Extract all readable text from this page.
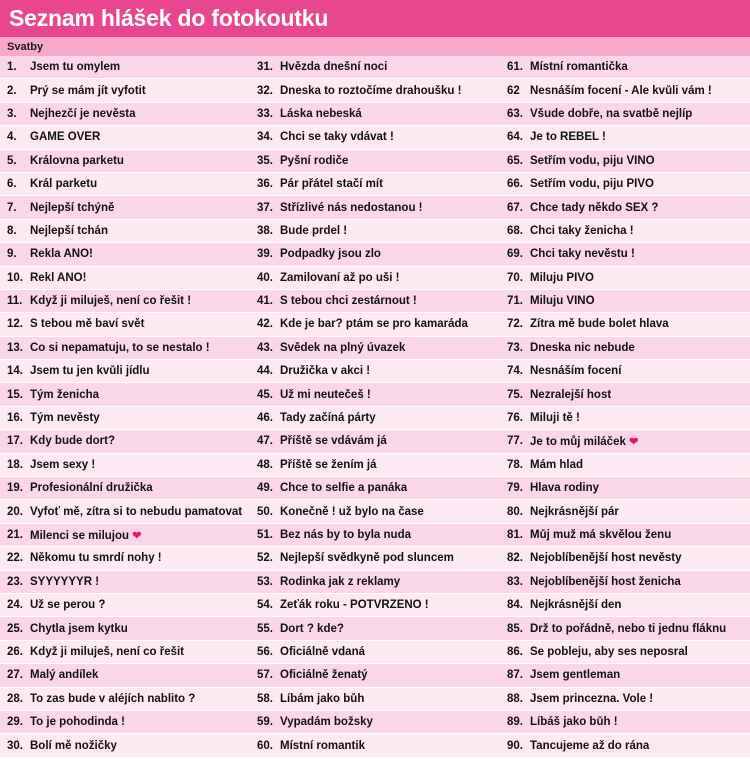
Seznam hlášek do fotokoutku
Svatby
1.	Jsem tu omylem
2.	Prý se mám jít vyfotit
3.	Nejhezčí je nevěsta
4.	GAME OVER
5.	Královna parketu
6.	Král parketu
7.	Nejlepší tchýně
8.	Nejlepší tchán
9.	Řekla ANO!
10. Řekl ANO!
11. Když ji miluješ, není co řešit !
12. S tebou mě baví svět
13. Co si nepamatuju, to se nestalo !
14. Jsem tu jen kvůli jídlu
15. Tým ženicha
16. Tým nevěsty
17. Kdy bude dort?
18. Jsem sexy !
19. Profesionální družička
20. Vyfoť mě, zítra si to nebudu pamatovat
21. Milenci se milujou ❤
22. Někomu tu smrdí nohy !
23. SÝÝÝÝÝÝR !
24. Už se perou ?
25. Chytla jsem kytku
26. Když ji miluješ, není co řešit
27. Malý andílek
28. To zas bude v aléjích nablito ?
29. To je pohodinda !
30. Bolí mě nožičky
31. Hvězda dnešní noci
32. Dneska to roztočíme drahoušku !
33. Láska nebeská
34. Chci se taky vdávat !
35. Pyšní rodiče
36. Pár přátel stačí mít
37. Střízlivé nás nedostanou !
38. Bude prdel !
39. Podpadky jsou zlo
40. Zamilovaní až po uši !
41. S tebou chci zestárnout !
42. Kde je bar? ptám se pro kamaráda
43. Svědek na plný úvazek
44. Družička v akci !
45. Už mi neutečeš !
46. Tady začíná párty
47. Příště se vdávám já
48. Příště se žením já
49. Chce to selfie a panáka
50. Konečně ! už bylo na čase
51. Bez nás by to byla nuda
52. Nejlepší svědkyně pod sluncem
53. Rodinka jak z reklamy
54. Zeťák roku - POTVRZENO !
55. Dort ? kde?
56. Oficiálně vdaná
57. Oficiálně ženatý
58. Líbám jako bůh
59. Vypadám božsky
60. Místní romantik
61. Místní romantička
62 Nesnáším focení - Ale kvůli vám !
63. Všude dobře, na svatbě nejlíp
64. Je to REBEL !
65. Šetřím vodu, piju VÍNO
66. Šetřím vodu, piju PIVO
67. Chce tady někdo SEX ?
68. Chci taky ženicha !
69. Chci taky nevěstu !
70. Miluju PIVO
71. Miluju VÍNO
72. Zítra mě bude bolet hlava
73. Dneska nic nebude
74. Nesnáším focení
75. Nezralejší host
76. Miluji tě !
77. Je to můj miláček ❤
78. Mám hlad
79. Hlava rodiny
80. Nejkrásnější pár
81. Můj muž má skvělou ženu
82. Nejoblíbenější host nevěsty
83. Nejoblíbenější host ženicha
84. Nejkrásnější den
85. Drž to pořádně, nebo ti jednu fláknu
86. Se pobleju, aby ses neposral
87. Jsem gentleman
88. Jsem princezna. Vole !
89. Líbáš jako bůh !
90. Tancujeme až do rána
